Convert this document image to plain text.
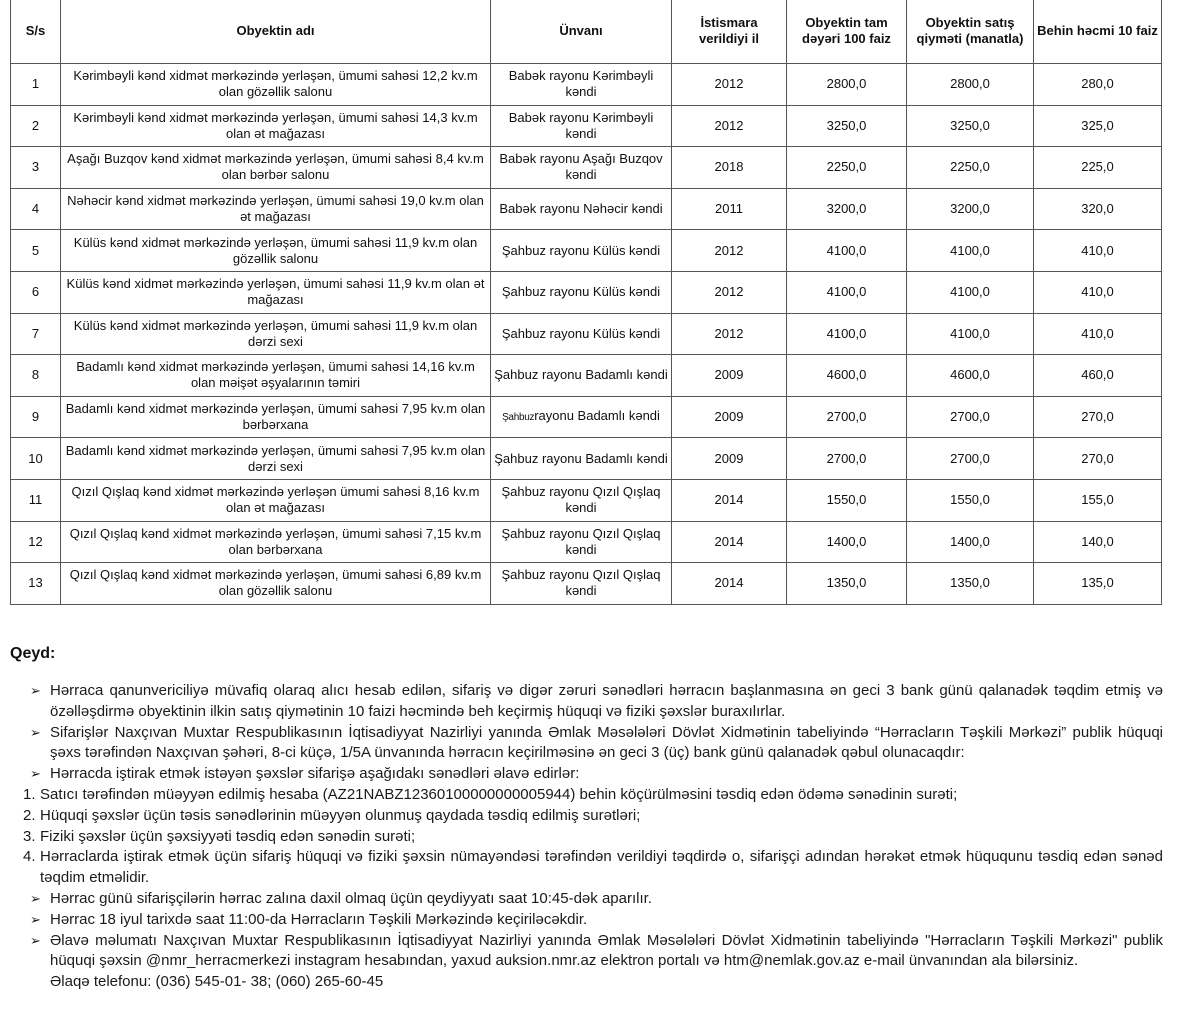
S/s	Obyektin adı	Ünvanı	İstismara verildiyi il	Obyektin tam dəyəri 100 faiz	Obyektin satış qiyməti (manatla)	Behin həcmi 10 faiz
1	Kərimbəyli kənd xidmət mərkəzində yerləşən, ümumi sahəsi 12,2 kv.m olan gözəllik salonu	Babək rayonu Kərimbəyli kəndi	2012	2800,0	2800,0	280,0
2	Kərimbəyli kənd xidmət mərkəzində yerləşən, ümumi sahəsi 14,3 kv.m olan ət mağazası	Babək rayonu Kərimbəyli kəndi	2012	3250,0	3250,0	325,0
3	Aşağı Buzqov kənd xidmət mərkəzində yerləşən, ümumi sahəsi 8,4 kv.m olan bərbər salonu	Babək rayonu Aşağı Buzqov kəndi	2018	2250,0	2250,0	225,0
4	Nəhəcir kənd xidmət mərkəzində yerləşən, ümumi sahəsi 19,0 kv.m olan ət mağazası	Babək rayonu Nəhəcir kəndi	2011	3200,0	3200,0	320,0
5	Külüs kənd xidmət mərkəzində yerləşən, ümumi sahəsi 11,9 kv.m olan gözəllik salonu	Şahbuz rayonu Külüs kəndi	2012	4100,0	4100,0	410,0
6	Külüs kənd xidmət mərkəzində yerləşən, ümumi sahəsi 11,9 kv.m olan ət mağazası	Şahbuz rayonu Külüs kəndi	2012	4100,0	4100,0	410,0
7	Külüs kənd xidmət mərkəzində yerləşən, ümumi sahəsi 11,9 kv.m olan dərzi sexi	Şahbuz rayonu Külüs kəndi	2012	4100,0	4100,0	410,0
8	Badamlı kənd xidmət mərkəzində yerləşən, ümumi sahəsi 14,16 kv.m olan məişət əşyalarının təmiri	Şahbuz rayonu Badamlı kəndi	2009	4600,0	4600,0	460,0
9	Badamlı kənd xidmət mərkəzində yerləşən, ümumi sahəsi 7,95 kv.m olan bərbərxana	Şahbuzrayonu Badamlı kəndi	2009	2700,0	2700,0	270,0
10	Badamlı kənd xidmət mərkəzində yerləşən, ümumi sahəsi 7,95 kv.m olan dərzi sexi	Şahbuz rayonu Badamlı kəndi	2009	2700,0	2700,0	270,0
11	Qızıl Qışlaq kənd xidmət mərkəzində yerləşən ümumi sahəsi 8,16 kv.m olan ət mağazası	Şahbuz rayonu Qızıl Qışlaq kəndi	2014	1550,0	1550,0	155,0
12	Qızıl Qışlaq kənd xidmət mərkəzində yerləşən, ümumi sahəsi 7,15 kv.m olan bərbərxana	Şahbuz rayonu Qızıl Qışlaq kəndi	2014	1400,0	1400,0	140,0
13	Qızıl Qışlaq kənd xidmət mərkəzində yerləşən, ümumi sahəsi 6,89 kv.m olan gözəllik salonu	Şahbuz rayonu Qızıl Qışlaq kəndi	2014	1350,0	1350,0	135,0
Qeyd:
➢ Hərraca qanunvericiliyə müvafiq olaraq alıcı hesab edilən, sifariş və digər zəruri sənədləri hərracın başlanmasına ən geci 3 bank günü qalanadək təqdim etmiş və özəlləşdirmə obyektinin ilkin satış qiymətinin 10 faizi həcmində beh keçirmiş hüquqi və fiziki şəxslər buraxılırlar.
➢ Sifarişlər Naxçıvan Muxtar Respublikasının İqtisadiyyat Nazirliyi yanında Əmlak Məsələləri Dövlət Xidmətinin tabeliyində “Hərracların Təşkili Mərkəzi” publik hüquqi şəxs tərəfindən Naxçıvan şəhəri, 8-ci küçə, 1/5A ünvanında hərracın keçirilməsinə ən geci 3 (üç) bank günü qalanadək qəbul olunacaqdır:
➢ Hərracda iştirak etmək istəyən şəxslər sifarişə aşağıdakı sənədləri əlavə edirlər:
1. Satıcı tərəfindən müəyyən edilmiş hesaba (AZ21NABZ12360100000000005944) behin köçürülməsini təsdiq edən ödəmə sənədinin surəti;
2. Hüquqi şəxslər üçün təsis sənədlərinin müəyyən olunmuş qaydada təsdiq edilmiş surətləri;
3. Fiziki şəxslər üçün şəxsiyyəti təsdiq edən sənədin surəti;
4. Hərraclarda iştirak etmək üçün sifariş hüquqi və fiziki şəxsin nümayəndəsi tərəfindən verildiyi təqdirdə o, sifarişçi adından hərəkət etmək hüququnu təsdiq edən sənəd təqdim etməlidir.
➢ Hərrac günü sifarişçilərin hərrac zalına daxil olmaq üçün qeydiyyatı saat 10:45-dək aparılır.
➢ Hərrac 18 iyul tarixdə saat 11:00-da Hərracların Təşkili Mərkəzində keçiriləcəkdir.
➢ Əlavə məlumatı Naxçıvan Muxtar Respublikasının İqtisadiyyat Nazirliyi yanında Əmlak Məsələləri Dövlət Xidmətinin tabeliyində "Hərracların Təşkili Mərkəzi" publik hüquqi şəxsin @nmr_herracmerkezi instagram hesabından, yaxud auksion.nmr.az elektron portalı və htm@nemlak.gov.az e-mail ünvanından ala bilərsiniz.
Əlaqə telefonu: (036) 545-01- 38; (060) 265-60-45
